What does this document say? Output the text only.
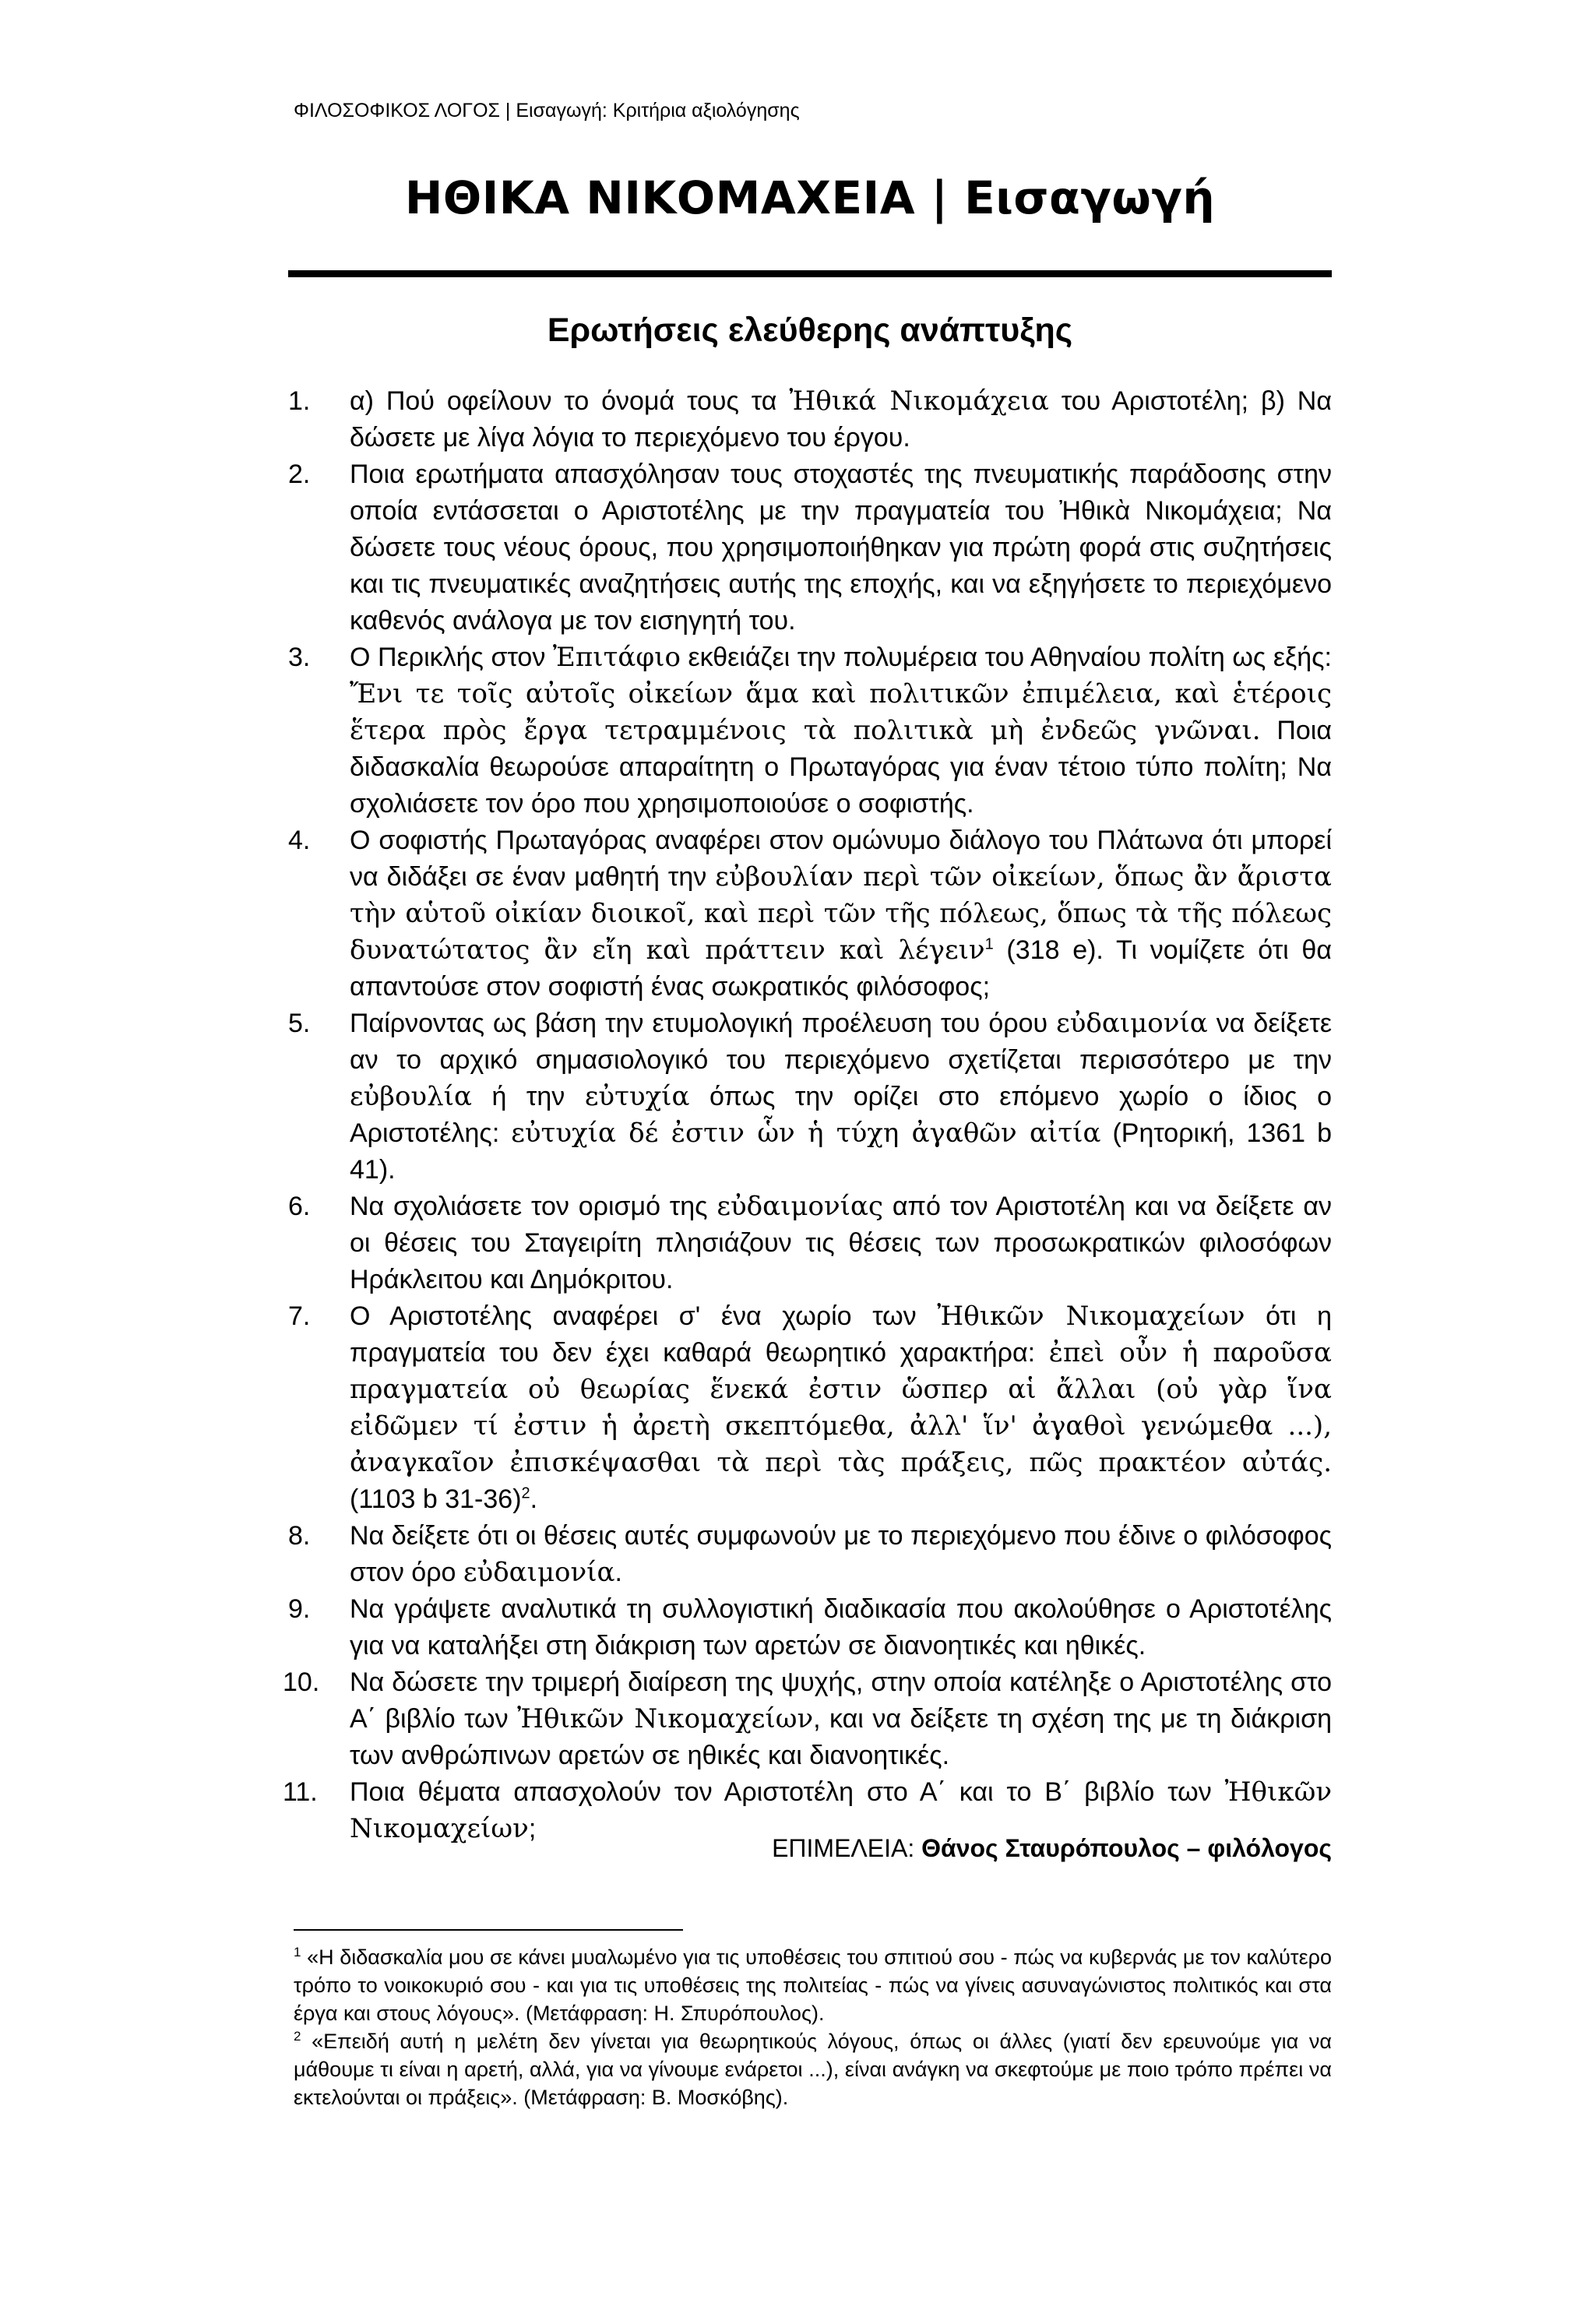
ΦΙΛΟΣΟΦΙΚΟΣ ΛΟΓΟΣ | Εισαγωγή: Κριτήρια αξιολόγησης
ΗΘΙΚΑ ΝΙΚΟΜΑΧΕΙΑ | Εισαγωγή
Ερωτήσεις ελεύθερης ανάπτυξης
1.	α) Πού οφείλουν το όνομά τους τα Ἠθικά Νικομάχεια του Αριστοτέλη; β) Να δώσετε με λίγα λόγια το περιεχόμενο του έργου.
2.	Ποια ερωτήματα απασχόλησαν τους στοχαστές της πνευματικής παράδοσης στην οποία εντάσσεται ο Αριστοτέλης με την πραγματεία του Ἠθικὰ Νικομάχεια; Να δώσετε τους νέους όρους, που χρησιμοποιήθηκαν για πρώτη φορά στις συζητήσεις και τις πνευματικές αναζητήσεις αυτής της εποχής, και να εξηγήσετε το περιεχόμενο καθενός ανάλογα με τον εισηγητή του.
3.	Ο Περικλής στον Ἐπιτάφιο εκθειάζει την πολυμέρεια του Αθηναίου πολίτη ως εξής: Ἔνι τε τοῖς αὐτοῖς οἰκείων ἅμα καὶ πολιτικῶν ἐπιμέλεια, καὶ ἑτέροις ἕτερα πρὸς ἔργα τετραμμένοις τὰ πολιτικὰ μὴ ἐνδεῶς γνῶναι. Ποια διδασκαλία θεωρούσε απαραίτητη ο Πρωταγόρας για έναν τέτοιο τύπο πολίτη; Να σχολιάσετε τον όρο που χρησιμοποιούσε ο σοφιστής.
4.	Ο σοφιστής Πρωταγόρας αναφέρει στον ομώνυμο διάλογο του Πλάτωνα ότι μπορεί να διδάξει σε έναν μαθητή την εὐβουλίαν περὶ τῶν οἰκείων, ὅπως ἂν ἄριστα τὴν αὑτοῦ οἰκίαν διοικοῖ, καὶ περὶ τῶν τῆς πόλεως, ὅπως τὰ τῆς πόλεως δυνατώτατος ἂν εἴη καὶ πράττειν καὶ λέγειν$^1$ (318 e). Τι νομίζετε ότι θα απαντούσε στον σοφιστή ένας σωκρατικός φιλόσοφος;
5.	Παίρνοντας ως βάση την ετυμολογική προέλευση του όρου εὐδαιμονία να δείξετε αν το αρχικό σημασιολογικό του περιεχόμενο σχετίζεται περισσότερο με την εὐβουλία ή την εὐτυχία όπως την ορίζει στο επόμενο χωρίο ο ίδιος ο Αριστοτέλης: εὐτυχία δέ ἐστιν ὧν ἡ τύχη ἀγαθῶν αἰτία (Ρητορική, 1361 b 41).
6.	Να σχολιάσετε τον ορισμό της εὐδαιμονίας από τον Αριστοτέλη και να δείξετε αν οι θέσεις του Σταγειρίτη πλησιάζουν τις θέσεις των προσωκρατικών φιλοσόφων Ηράκλειτου και Δημόκριτου.
7.	Ο Αριστοτέλης αναφέρει σ' ένα χωρίο των Ἠθικῶν Νικομαχείων ότι η πραγματεία του δεν έχει καθαρά θεωρητικό χαρακτήρα: ἐπεὶ οὖν ἡ παροῦσα πραγματεία οὐ θεωρίας ἕνεκά ἐστιν ὥσπερ αἱ ἄλλαι (οὐ γὰρ ἵνα εἰδῶμεν τί ἐστιν ἡ ἀρετὴ σκεπτόμεθα, ἀλλ' ἵν' ἀγαθοὶ γενώμεθα ...), ἀναγκαῖον ἐπισκέψασθαι τὰ περὶ τὰς πράξεις, πῶς πρακτέον αὐτάς. (1103 b 31-36)$^2$.
8.	Να δείξετε ότι οι θέσεις αυτές συμφωνούν με το περιεχόμενο που έδινε ο φιλόσοφος στον όρο εὐδαιμονία.
9.	Να γράψετε αναλυτικά τη συλλογιστική διαδικασία που ακολούθησε ο Αριστοτέλης για να καταλήξει στη διάκριση των αρετών σε διανοητικές και ηθικές.
10.	Να δώσετε την τριμερή διαίρεση της ψυχής, στην οποία κατέληξε ο Αριστοτέλης στο Α΄ βιβλίο των Ἠθικῶν Νικομαχείων, και να δείξετε τη σχέση της με τη διάκριση των ανθρώπινων αρετών σε ηθικές και διανοητικές.
11.	Ποια θέματα απασχολούν τον Αριστοτέλη στο Α΄ και το Β΄ βιβλίο των Ἠθικῶν Νικομαχείων;
ΕΠΙΜΕΛΕΙΑ: Θάνος Σταυρόπουλος – φιλόλογος

$^1$ «Η διδασκαλία μου σε κάνει μυαλωμένο για τις υποθέσεις του σπιτιού σου - πώς να κυβερνάς με τον καλύτερο τρόπο το νοικοκυριό σου - και για τις υποθέσεις της πολιτείας - πώς να γίνεις ασυναγώνιστος πολιτικός και στα έργα και στους λόγους». (Μετάφραση: Η. Σπυρόπουλος).

$^2$ «Επειδή αυτή η μελέτη δεν γίνεται για θεωρητικούς λόγους, όπως οι άλλες (γιατί δεν ερευνούμε για να μάθουμε τι είναι η αρετή, αλλά, για να γίνουμε ενάρετοι ...), είναι ανάγκη να σκεφτούμε με ποιο τρόπο πρέπει να εκτελούνται οι πράξεις». (Μετάφραση: Β. Μοσκόβης).
